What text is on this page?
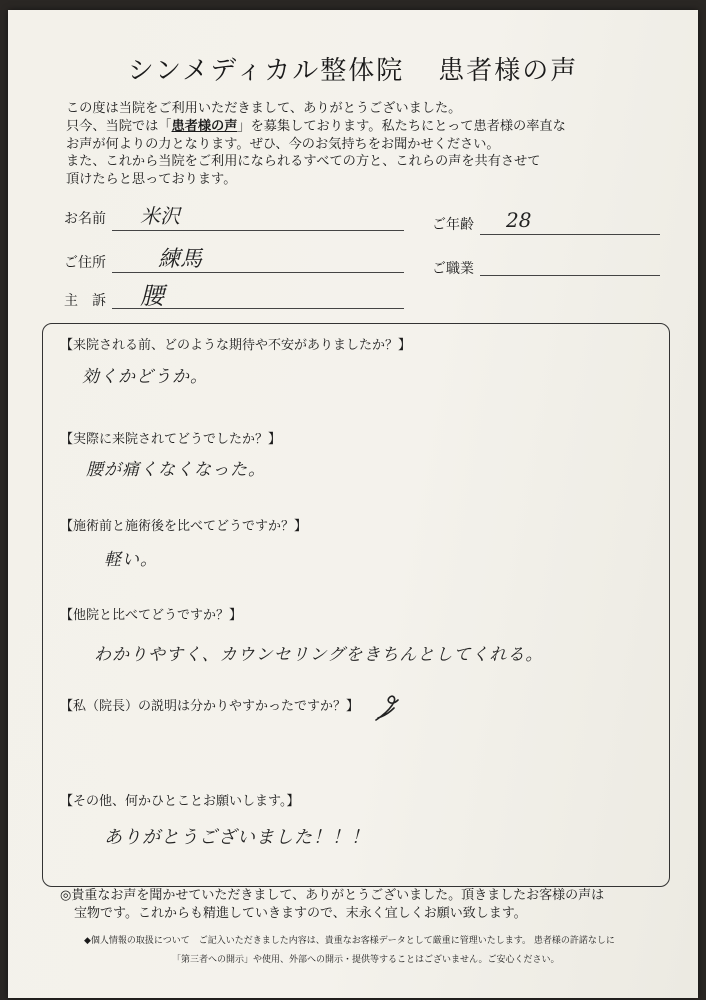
シンメディカル整体院 患者様の声

この度は当院をご利用いただきまして、ありがとうございました。

只今、当院では「患者様の声」を募集しております。私たちにとって患者様の率直な

お声が何よりの力となります。ぜひ、今のお気持ちをお聞かせください。

また、これから当院をご利用になられるすべての方と、これらの声を共有させて

頂けたらと思っております。

お名前 米沢	ご年齢 28
ご住所 練馬	ご職業
主　訴 腰
【来院される前、どのような期待や不安がありましたか？】
効くかどうか。
【実際に来院されてどうでしたか？】
腰が痛くなくなった。
【施術前と施術後を比べてどうですか？】
軽い。
【他院と比べてどうですか？】
わかりやすく、カウンセリングをきちんとしてくれる。
【私（院長）の説明は分かりやすかったですか？】
【その他、何かひとことお願いします。】
ありがとうございました！！！
◎貴重なお声を聞かせていただきまして、ありがとうございました。頂きましたお客様の声は
宝物です。これからも精進していきますので、末永く宜しくお願い致します。
◆個人情報の取扱について　ご記入いただきました内容は、貴重なお客様データとして厳重に管理いたします。 患者様の許諾なしに
「第三者への開示」や使用、外部への開示・提供等することはございません。ご安心ください。
